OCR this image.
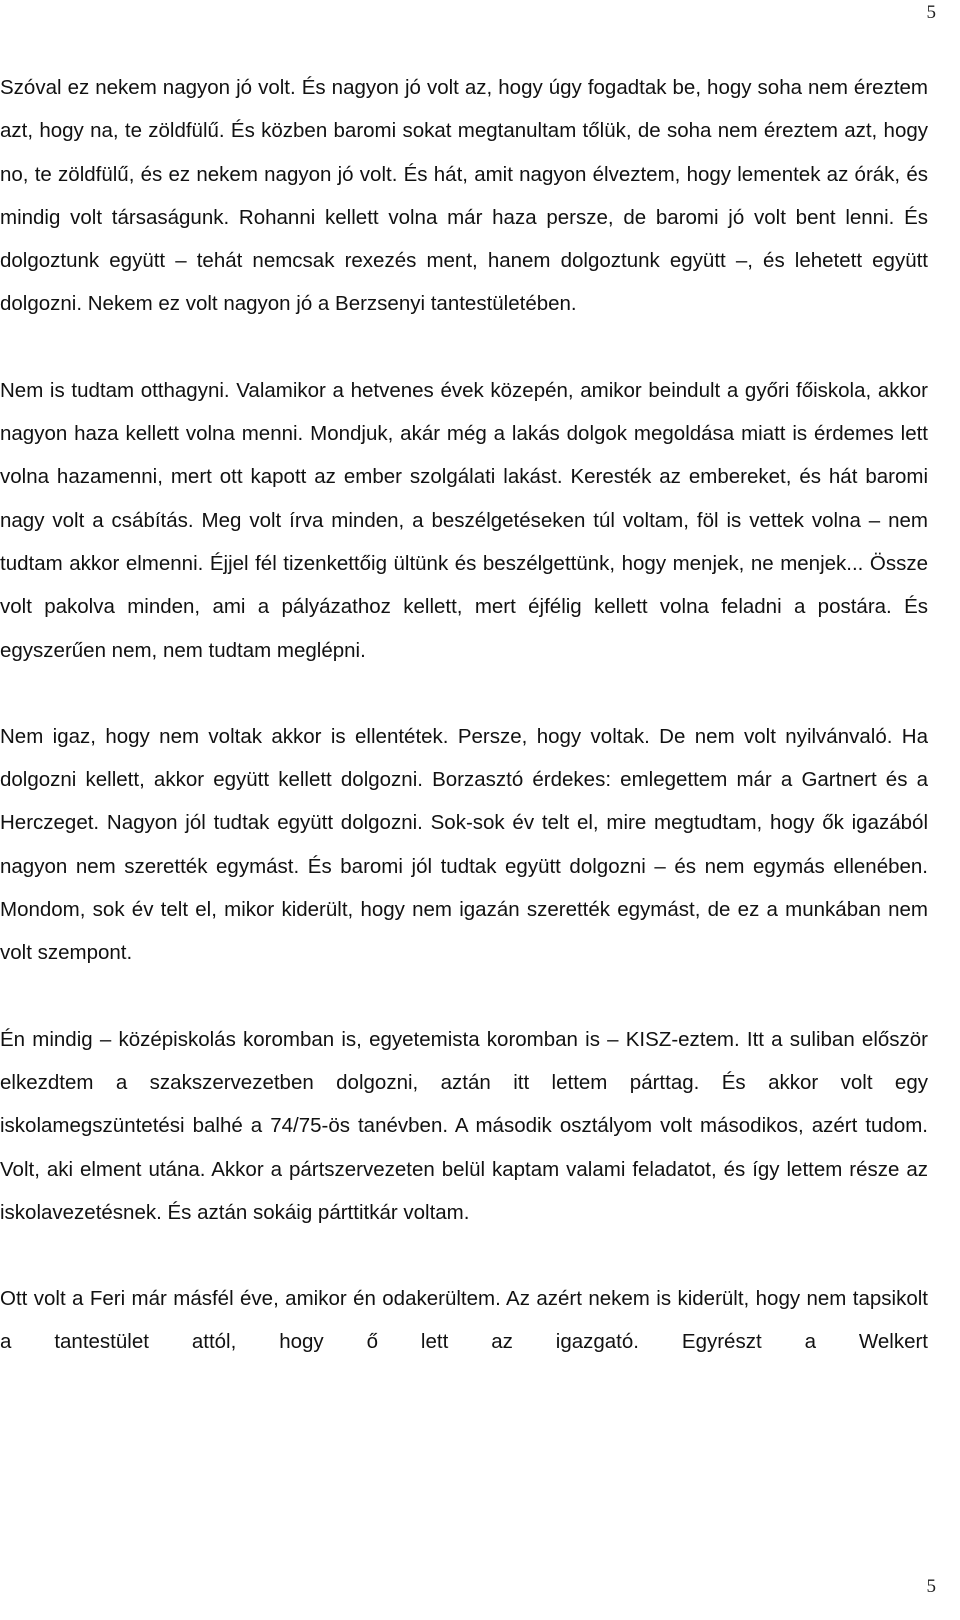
5

Szóval ez nekem nagyon jó volt. És nagyon jó volt az, hogy úgy fogadtak be, hogy soha nem éreztem azt, hogy na, te zöldfülű. És közben baromi sokat megtanultam tőlük, de soha nem éreztem azt, hogy no, te zöldfülű, és ez nekem nagyon jó volt. És hát, amit nagyon élveztem, hogy lementek az órák, és mindig volt társaságunk. Rohanni kellett volna már haza persze, de baromi jó volt bent lenni. És dolgoztunk együtt – tehát nemcsak rexezés ment, hanem dolgoztunk együtt –, és lehetett együtt dolgozni. Nekem ez volt nagyon jó a Berzsenyi tantestületében.

Nem is tudtam otthagyni. Valamikor a hetvenes évek közepén, amikor beindult a győri főiskola, akkor nagyon haza kellett volna menni. Mondjuk, akár még a lakás dolgok megoldása miatt is érdemes lett volna hazamenni, mert ott kapott az ember szolgálati lakást. Keresték az embereket, és hát baromi nagy volt a csábítás. Meg volt írva minden, a beszélgetéseken túl voltam, föl is vettek volna – nem tudtam akkor elmenni. Éjjel fél tizenkettőig ültünk és beszélgettünk, hogy menjek, ne menjek... Össze volt pakolva minden, ami a pályázathoz kellett, mert éjfélig kellett volna feladni a postára. És egyszerűen nem, nem tudtam meglépni.

Nem igaz, hogy nem voltak akkor is ellentétek. Persze, hogy voltak. De nem volt nyilvánvaló. Ha dolgozni kellett, akkor együtt kellett dolgozni. Borzasztó érdekes: emlegettem már a Gartnert és a Herczeget. Nagyon jól tudtak együtt dolgozni. Sok-sok év telt el, mire megtudtam, hogy ők igazából nagyon nem szerették egymást. És baromi jól tudtak együtt dolgozni – és nem egymás ellenében. Mondom, sok év telt el, mikor kiderült, hogy nem igazán szerették egymást, de ez a munkában nem volt szempont.

Én mindig – középiskolás koromban is, egyetemista koromban is – KISZ-eztem. Itt a suliban először elkezdtem a szakszervezetben dolgozni, aztán itt lettem párttag. És akkor volt egy iskolamegszüntetési balhé a 74/75-ös tanévben. A második osztályom volt másodikos, azért tudom. Volt, aki elment utána. Akkor a pártszervezeten belül kaptam valami feladatot, és így lettem része az iskolavezetésnek. És aztán sokáig párttitkár voltam.

Ott volt a Feri már másfél éve, amikor én odakerültem. Az azért nekem is kiderült, hogy nem tapsikolt a tantestület attól, hogy ő lett az igazgató. Egyrészt a Welkert

5
